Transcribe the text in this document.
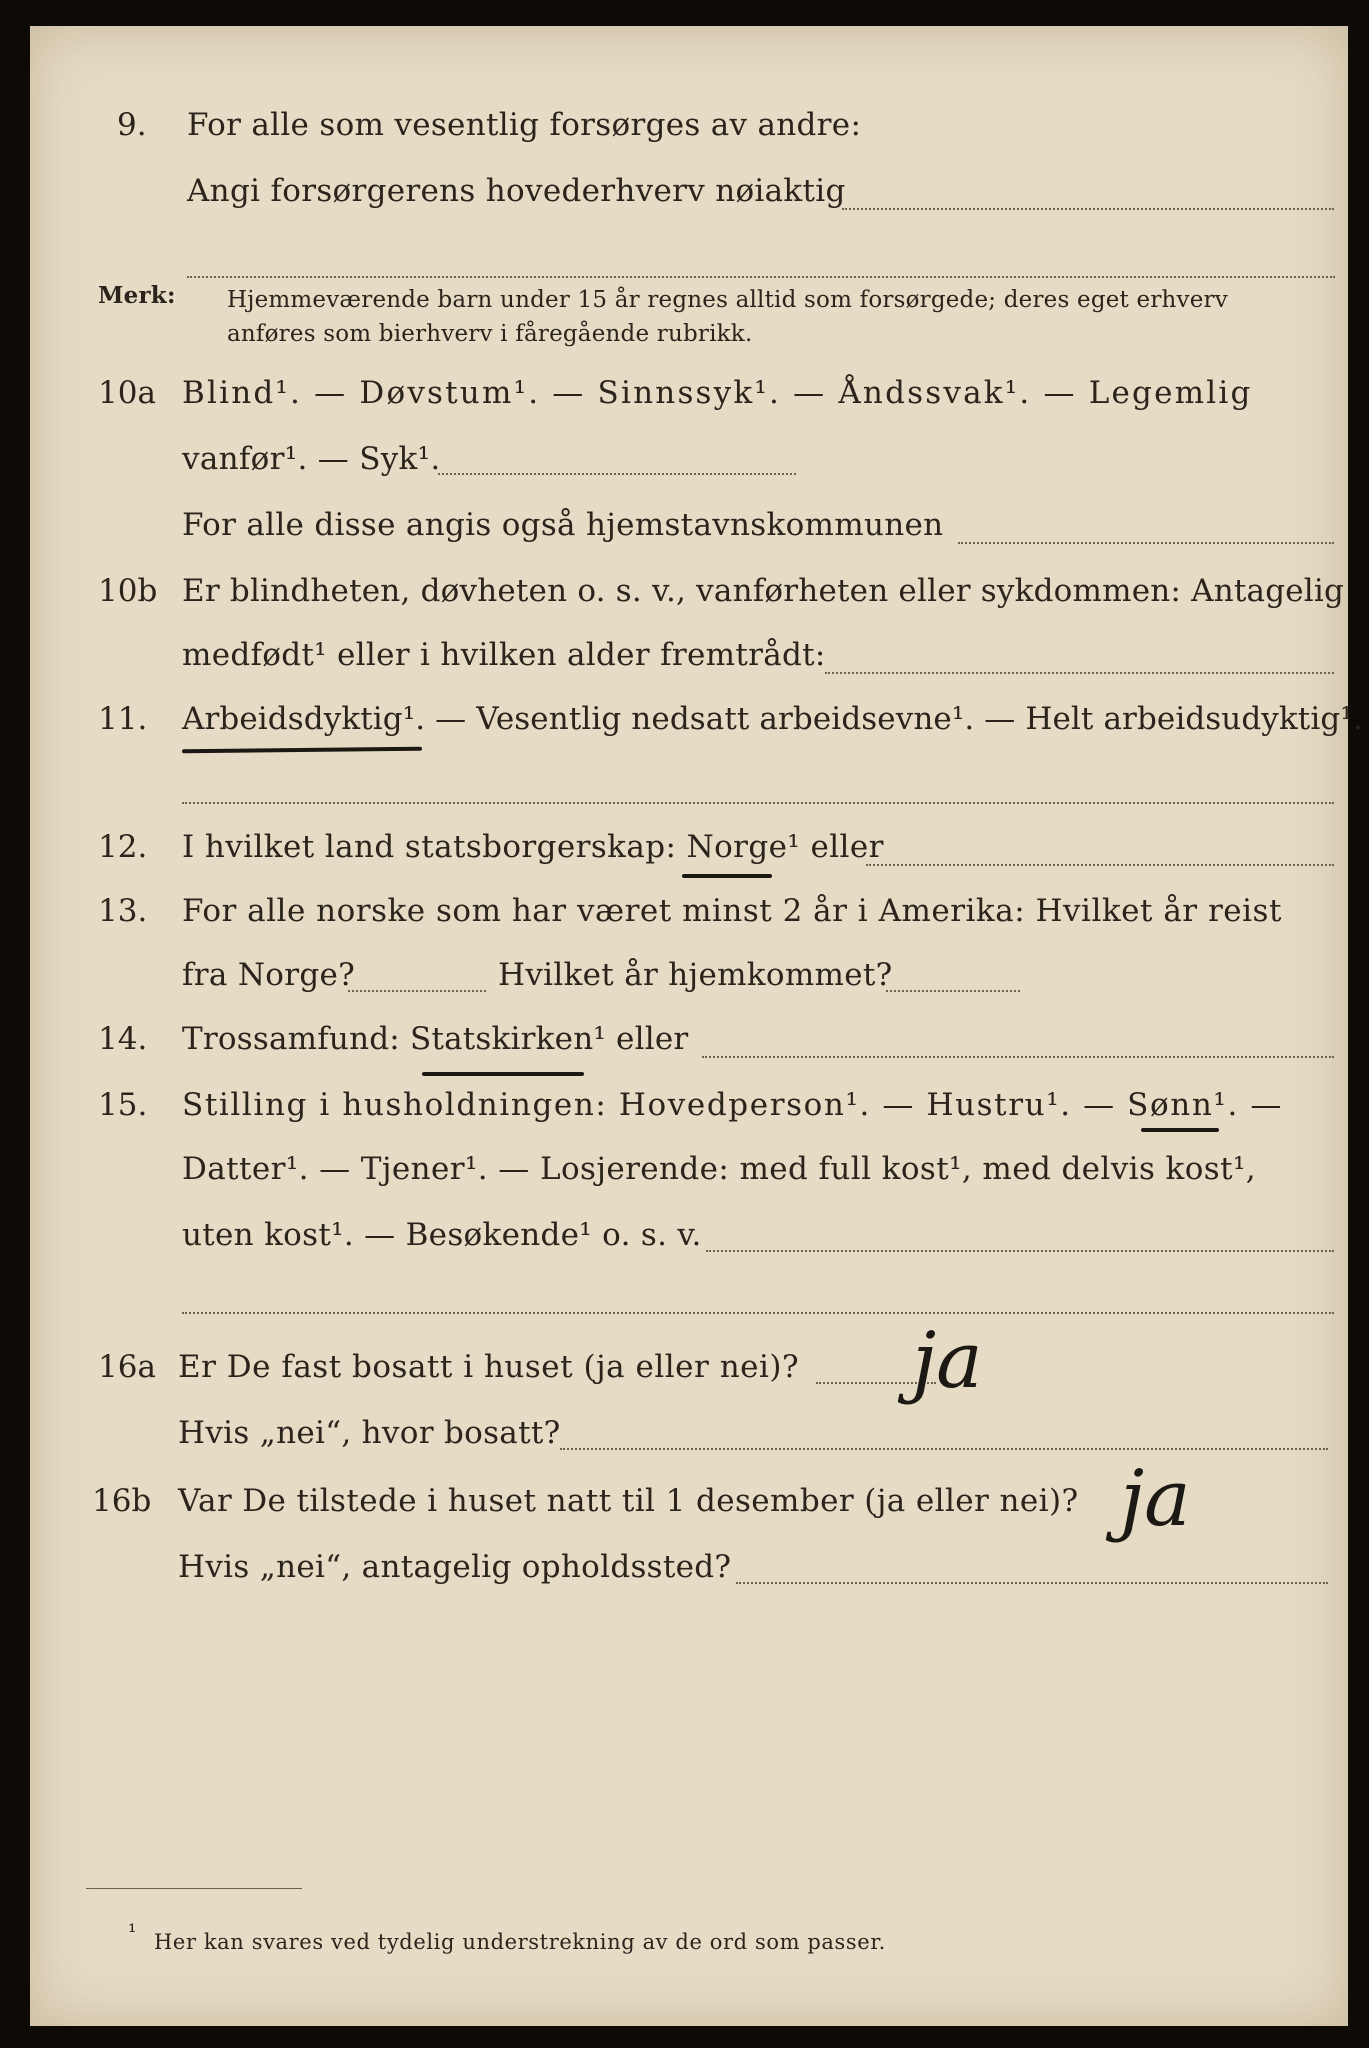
9. For alle som vesentlig forsørges av andre:
Angi forsørgerens hovederhverv nøiaktig
Merk: Hjemmeværende barn under 15 år regnes alltid som forsørgede; deres eget erhverv
anføres som bierhverv i fåregående rubrikk.
10a Blind¹. — Døvstum¹. — Sinnssyk¹. — Åndssvak¹. — Legemlig
vanfør¹. — Syk¹.
For alle disse angis også hjemstavnskommunen
10b Er blindheten, døvheten o. s. v., vanførheten eller sykdommen: Antagelig
medfødt¹ eller i hvilken alder fremtrådt:
11. Arbeidsdyktig¹. — Vesentlig nedsatt arbeidsevne¹. — Helt arbeidsudyktig¹.
12. I hvilket land statsborgerskap: Norge¹ eller
13. For alle norske som har været minst 2 år i Amerika: Hvilket år reist
fra Norge?	Hvilket år hjemkommet?
14. Trossamfund: Statskirken¹ eller
15. Stilling i husholdningen: Hovedperson¹. — Hustru¹. — Sønn¹. —
Datter¹. — Tjener¹. — Losjerende: med full kost¹, med delvis kost¹,
uten kost¹. — Besøkende¹ o. s. v.
16a Er De fast bosatt i huset (ja eller nei)? ja
Hvis „nei“, hvor bosatt?
16b Var De tilstede i huset natt til 1 desember (ja eller nei)? ja
Hvis „nei“, antagelig opholdssted?
¹ Her kan svares ved tydelig understrekning av de ord som passer.
